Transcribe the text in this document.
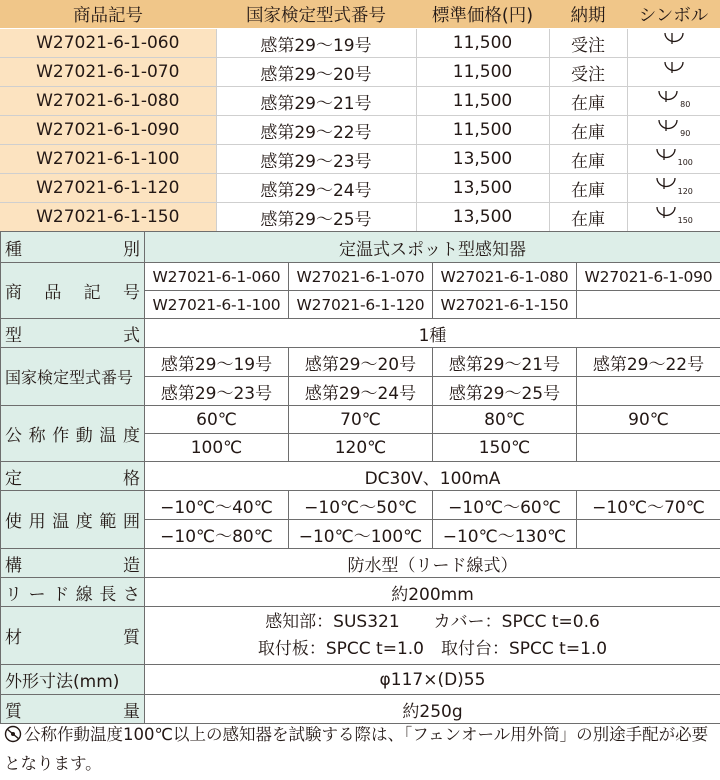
商品記号	国家検定型式番号	標準価格(円)	納期	シンボル
W27021-6-1-060	感第29～19号	11,500	受注	

W27021-6-1-070	感第29～20号	11,500	受注	

W27021-6-1-080	感第29～21号	11,500	在庫	80

W27021-6-1-090	感第29～22号	11,500	在庫	90

W27021-6-1-100	感第29～23号	13,500	在庫	100

W27021-6-1-120	感第29～24号	13,500	在庫	120

W27021-6-1-150	感第29～25号	13,500	在庫	150
種別	定温式スポット型感知器			
商品記号	W27021-6-1-060	W27021-6-1-070	W27021-6-1-080	W27021-6-1-090
	W27021-6-1-100	W27021-6-1-120	W27021-6-1-150	
型式	1種			
国家検定型式番号	感第29～19号	感第29～20号	感第29～21号	感第29～22号
	感第29～23号	感第29～24号	感第29～25号	
公称作動温度	60℃	70℃	80℃	90℃
	100℃	120℃	150℃	
定格	DC30V、100mA			
使用温度範囲	−10℃～40℃	−10℃～50℃	−10℃～60℃	−10℃～70℃
	−10℃～80℃	−10℃～100℃	−10℃～130℃	
構造	防水型（リード線式）			
リード線長さ	約200mm			
材質	感知部：SUS321　　カバー：SPCC t=0.6
取付板：SPCC t=1.0　取付台：SPCC t=1.0			

外形寸法(mm)	φ117×(D)55			
質量	約250g			
公称作動温度100℃以上の感知器を試験する際は、「フェンオール用外筒」の別途手配が必要となります。
